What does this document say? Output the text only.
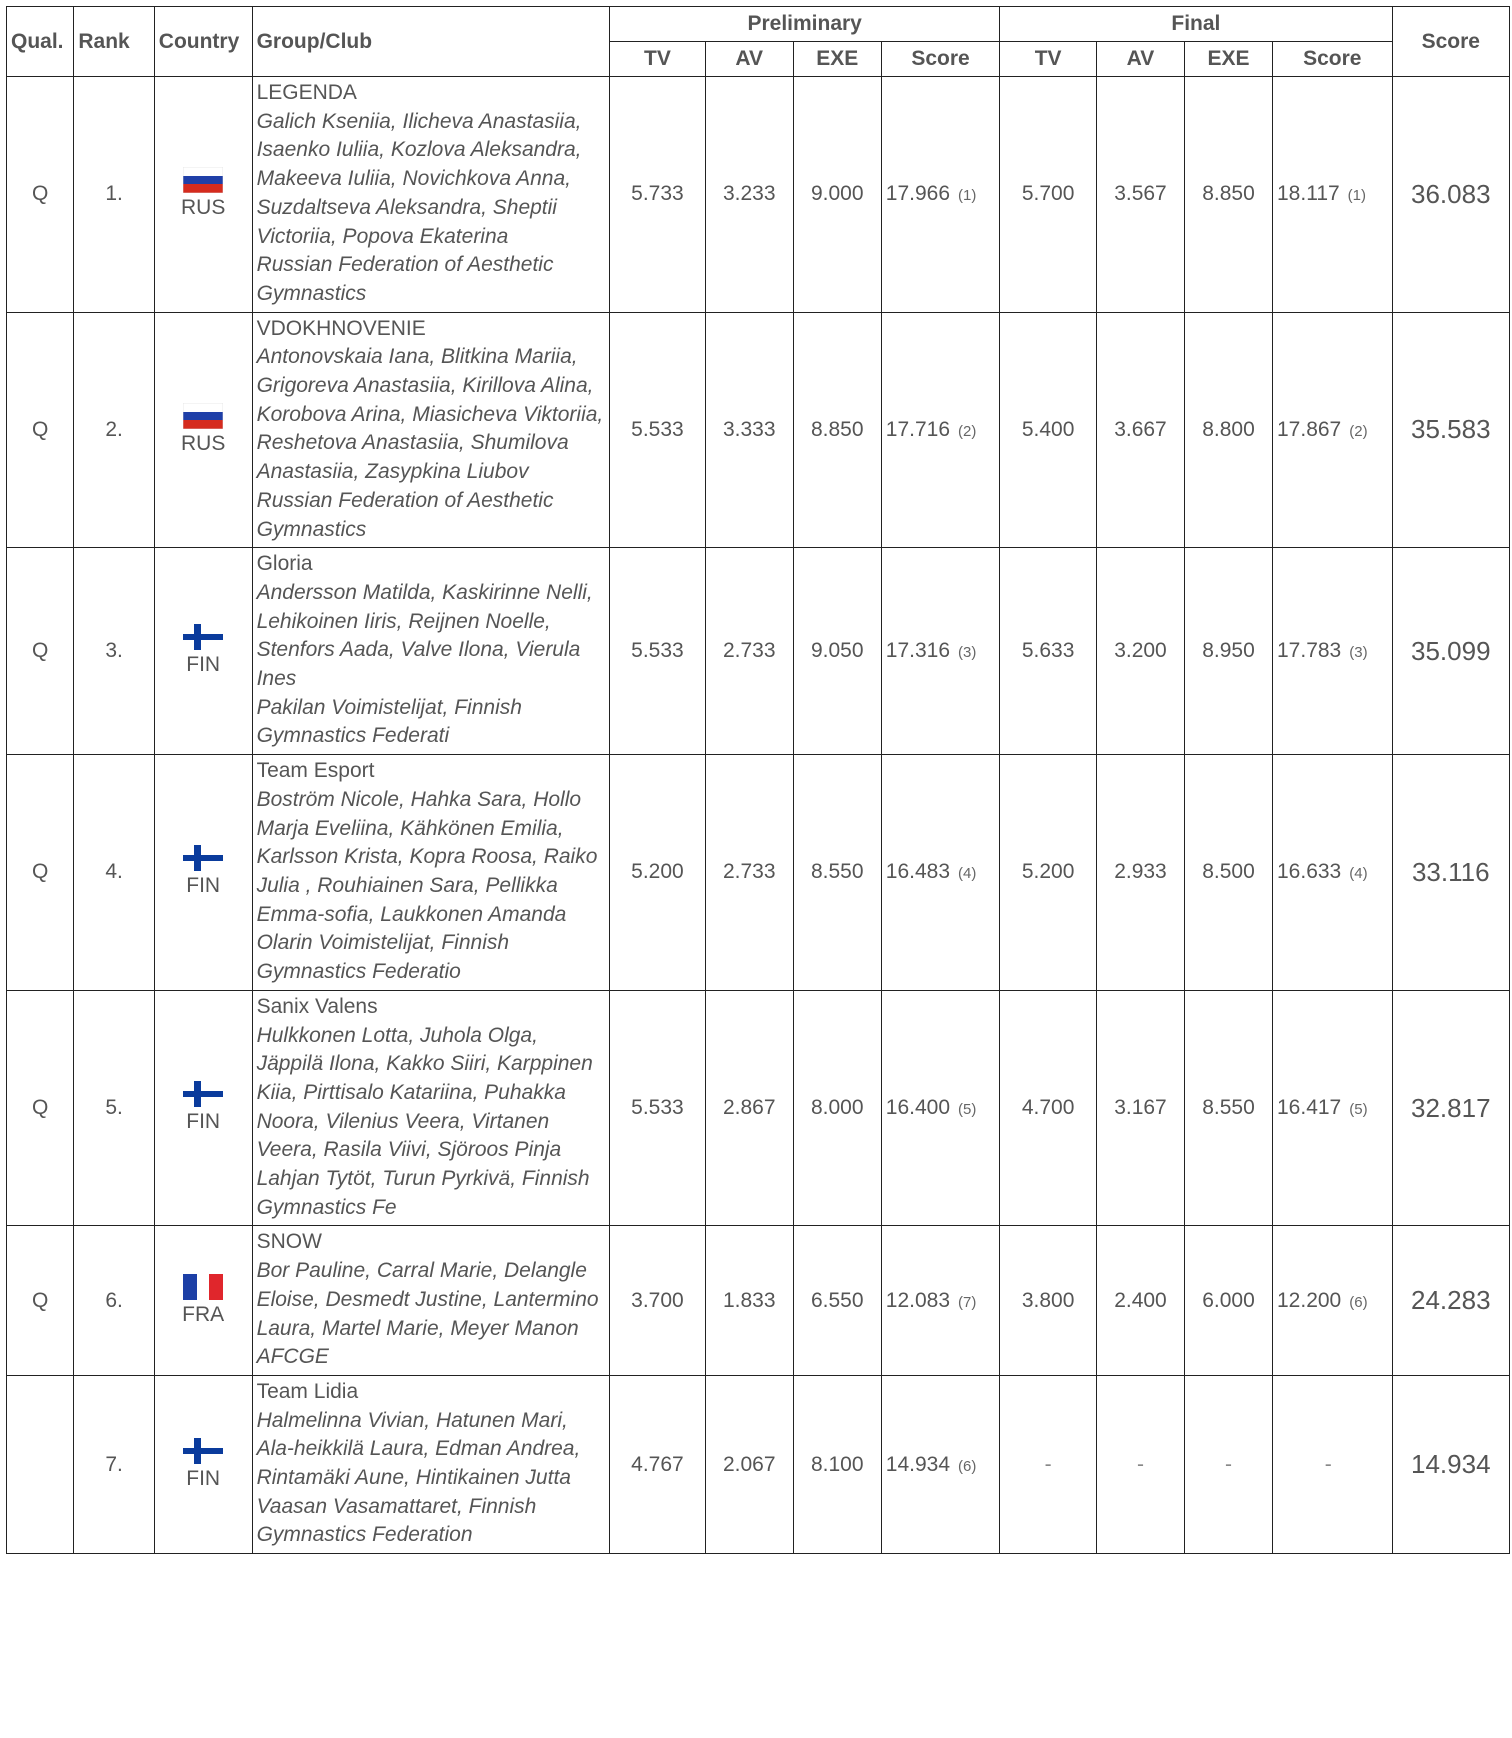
Qual.	Rank	Country	Group/Club	Preliminary				Final				Score
				TV	AV	EXE	Score	TV	AV	EXE	Score	
Q	1.	RUS	LEGENDA
Galich Kseniia, Ilicheva Anastasiia, Isaenko Iuliia, Kozlova Aleksandra, Makeeva Iuliia, Novichkova Anna, Suzdaltseva Aleksandra, Sheptii Victoriia, Popova Ekaterina
Russian Federation of Aesthetic Gymnastics	5.733	3.233	9.000	17.966 (1)	5.700	3.567	8.850	18.117 (1)	36.083
Q	2.	RUS	VDOKHNOVENIE
Antonovskaia Iana, Blitkina Mariia, Grigoreva Anastasiia, Kirillova Alina, Korobova Arina, Miasicheva Viktoriia, Reshetova Anastasiia, Shumilova Anastasiia, Zasypkina Liubov
Russian Federation of Aesthetic Gymnastics	5.533	3.333	8.850	17.716 (2)	5.400	3.667	8.800	17.867 (2)	35.583
Q	3.	FIN	Gloria
Andersson Matilda, Kaskirinne Nelli, Lehikoinen Iiris, Reijnen Noelle, Stenfors Aada, Valve Ilona, Vierula Ines
Pakilan Voimistelijat, Finnish Gymnastics Federati	5.533	2.733	9.050	17.316 (3)	5.633	3.200	8.950	17.783 (3)	35.099
Q	4.	FIN	Team Esport
Boström Nicole, Hahka Sara, Hollo Marja Eveliina, Kähkönen Emilia, Karlsson Krista, Kopra Roosa, Raiko Julia , Rouhiainen Sara, Pellikka Emma-sofia, Laukkonen Amanda
Olarin Voimistelijat, Finnish Gymnastics Federatio	5.200	2.733	8.550	16.483 (4)	5.200	2.933	8.500	16.633 (4)	33.116
Q	5.	FIN	Sanix Valens
Hulkkonen Lotta, Juhola Olga, Jäppilä Ilona, Kakko Siiri, Karppinen Kiia, Pirttisalo Katariina, Puhakka Noora, Vilenius Veera, Virtanen Veera, Rasila Viivi, Sjöroos Pinja
Lahjan Tytöt, Turun Pyrkivä, Finnish Gymnastics Fe	5.533	2.867	8.000	16.400 (5)	4.700	3.167	8.550	16.417 (5)	32.817
Q	6.	FRA	SNOW
Bor Pauline, Carral Marie, Delangle Eloise, Desmedt Justine, Lantermino Laura, Martel Marie, Meyer Manon
AFCGE	3.700	1.833	6.550	12.083 (7)	3.800	2.400	6.000	12.200 (6)	24.283
	7.	FIN	Team Lidia
Halmelinna Vivian, Hatunen Mari, Ala-heikkilä Laura, Edman Andrea, Rintamäki Aune, Hintikainen Jutta
Vaasan Vasamattaret, Finnish Gymnastics Federation	4.767	2.067	8.100	14.934 (6)	-	-	-	-	14.934
